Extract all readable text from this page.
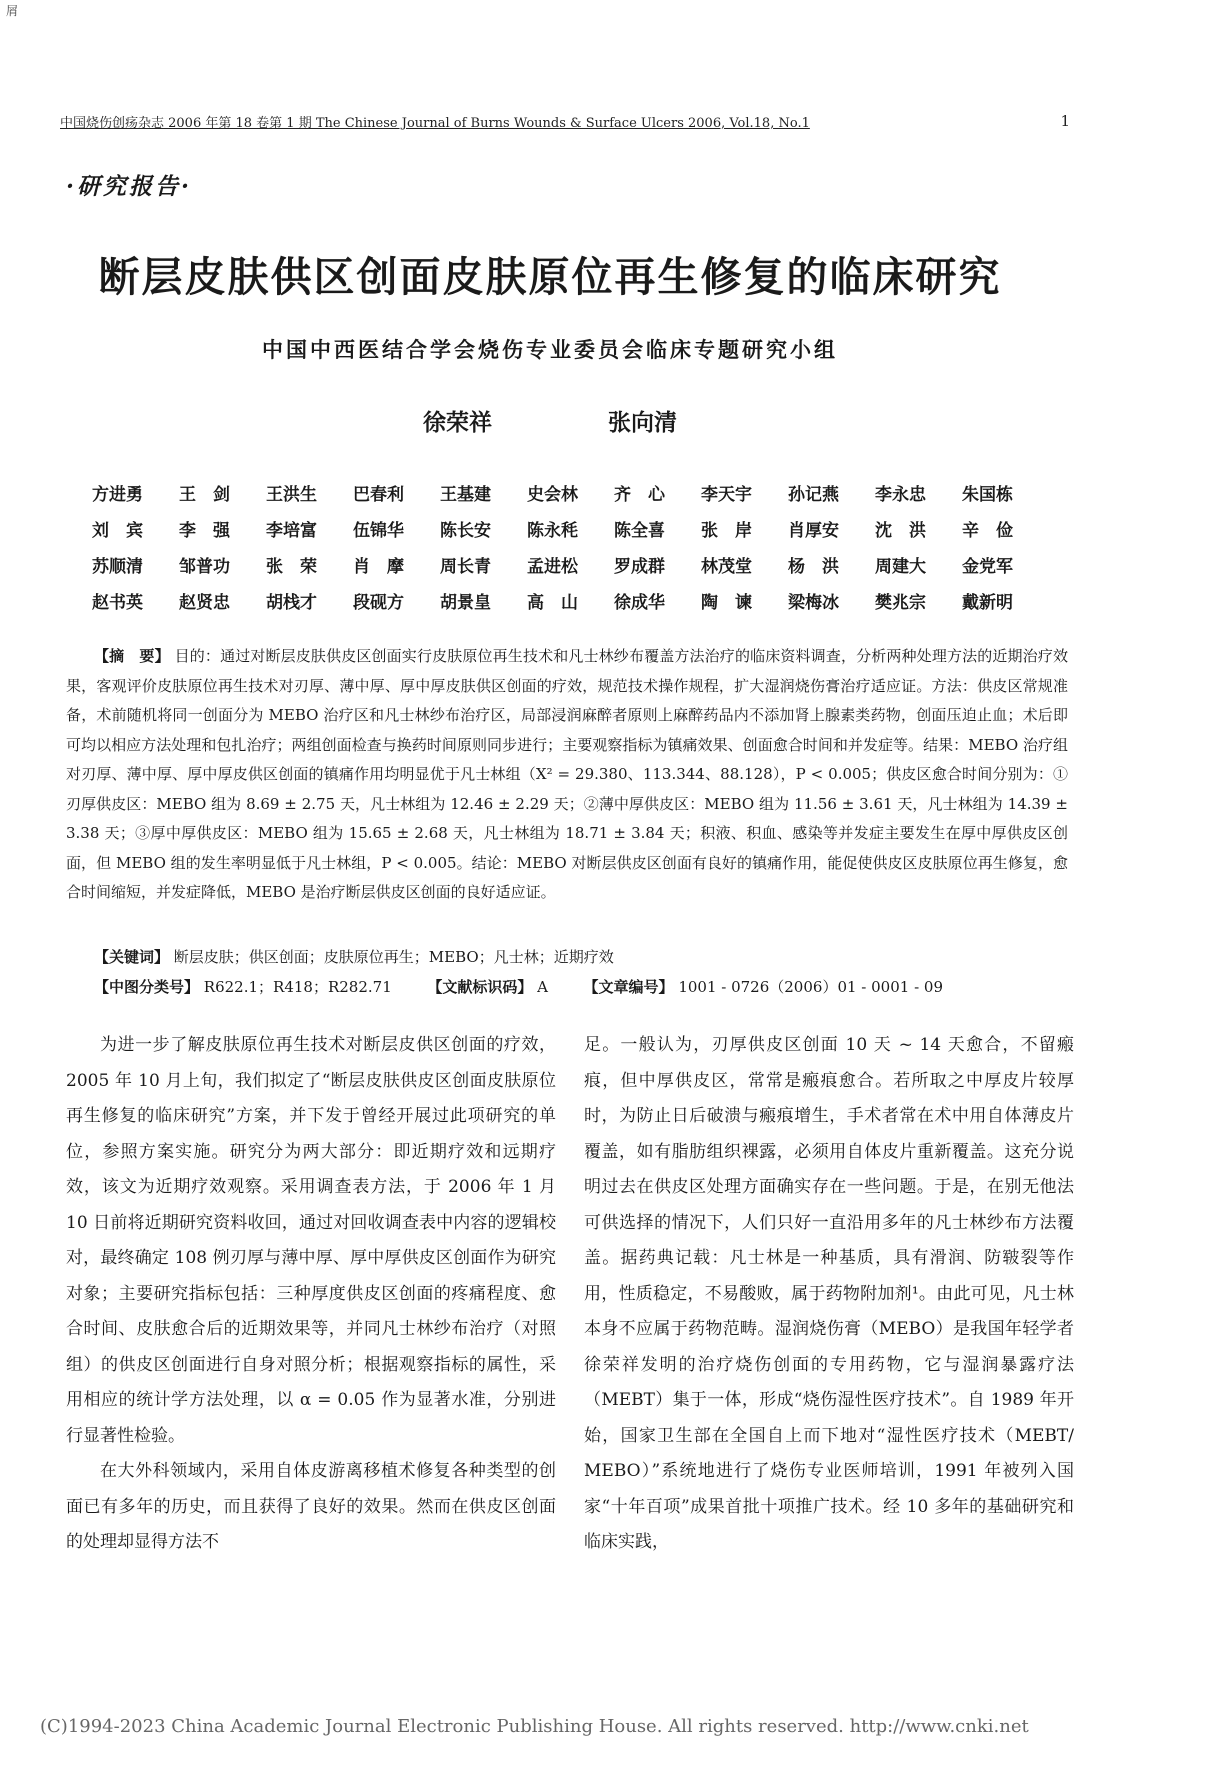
屑
中国烧伤创疡杂志 2006 年第 18 卷第 1 期 The Chinese Journal of Burns Wounds & Surface Ulcers 2006, Vol.18, No.1	1
·研究报告·
断层皮肤供区创面皮肤原位再生修复的临床研究
中国中西医结合学会烧伤专业委员会临床专题研究小组
徐荣祥	张向清
方进勇	王　剑	王洪生	巴春利	王基建	史会林	齐　心	李天宇	孙记燕	李永忠	朱国栋
刘　宾	李　强	李培富	伍锦华	陈长安	陈永秏	陈全喜	张　岸	肖厚安	沈　洪	辛　俭
苏顺清	邹普功	张　荣	肖　摩	周长青	孟进松	罗成群	林茂堂	杨　洪	周建大	金党军
赵书英	赵贤忠	胡栈才	段砚方	胡景皇	高　山	徐成华	陶　谏	梁梅冰	樊兆宗	戴新明

【摘　要】 目的：通过对断层皮肤供皮区创面实行皮肤原位再生技术和凡士林纱布覆盖方法治疗的临床资料调查，分析两种处理方法的近期治疗效果，客观评价皮肤原位再生技术对刃厚、薄中厚、厚中厚皮肤供区创面的疗效，规范技术操作规程，扩大湿润烧伤膏治疗适应证。方法：供皮区常规准备，术前随机将同一创面分为 MEBO 治疗区和凡士林纱布治疗区，局部浸润麻醉者原则上麻醉药品内不添加肾上腺素类药物，创面压迫止血；术后即可均以相应方法处理和包扎治疗；两组创面检查与换药时间原则同步进行；主要观察指标为镇痛效果、创面愈合时间和并发症等。结果：MEBO 治疗组对刃厚、薄中厚、厚中厚皮供区创面的镇痛作用均明显优于凡士林组（X² = 29.380、113.344、88.128），P < 0.005；供皮区愈合时间分别为：①刃厚供皮区：MEBO 组为 8.69 ± 2.75 天，凡士林组为 12.46 ± 2.29 天；②薄中厚供皮区：MEBO 组为 11.56 ± 3.61 天，凡士林组为 14.39 ± 3.38 天；③厚中厚供皮区：MEBO 组为 15.65 ± 2.68 天，凡士林组为 18.71 ± 3.84 天；积液、积血、感染等并发症主要发生在厚中厚供皮区创面，但 MEBO 组的发生率明显低于凡士林组，P < 0.005。结论：MEBO 对断层供皮区创面有良好的镇痛作用，能促使供皮区皮肤原位再生修复，愈合时间缩短，并发症降低，MEBO 是治疗断层供皮区创面的良好适应证。

【关键词】 断层皮肤；供区创面；皮肤原位再生；MEBO；凡士林；近期疗效
【中图分类号】 R622.1；R418；R282.71 【文献标识码】 A 【文章编号】 1001 - 0726（2006）01 - 0001 - 09

为进一步了解皮肤原位再生技术对断层皮供区创面的疗效，2005 年 10 月上旬，我们拟定了“断层皮肤供皮区创面皮肤原位再生修复的临床研究”方案，并下发于曾经开展过此项研究的单位，参照方案实施。研究分为两大部分：即近期疗效和远期疗效，该文为近期疗效观察。采用调查表方法，于 2006 年 1 月 10 日前将近期研究资料收回，通过对回收调查表中内容的逻辑校对，最终确定 108 例刃厚与薄中厚、厚中厚供皮区创面作为研究对象；主要研究指标包括：三种厚度供皮区创面的疼痛程度、愈合时间、皮肤愈合后的近期效果等，并同凡士林纱布治疗（对照组）的供皮区创面进行自身对照分析；根据观察指标的属性，采用相应的统计学方法处理，以 α = 0.05 作为显著水准，分别进行显著性检验。

在大外科领域内，采用自体皮游离移植术修复各种类型的创面已有多年的历史，而且获得了良好的效果。然而在供皮区创面的处理却显得方法不

足。一般认为，刃厚供皮区创面 10 天 ~ 14 天愈合，不留瘢痕，但中厚供皮区，常常是瘢痕愈合。若所取之中厚皮片较厚时，为防止日后破溃与瘢痕增生，手术者常在术中用自体薄皮片覆盖，如有脂肪组织裸露，必须用自体皮片重新覆盖。这充分说明过去在供皮区处理方面确实存在一些问题。于是，在别无他法可供选择的情况下，人们只好一直沿用多年的凡士林纱布方法覆盖。据药典记载：凡士林是一种基质，具有滑润、防皲裂等作用，性质稳定，不易酸败，属于药物附加剂¹。由此可见，凡士林本身不应属于药物范畴。湿润烧伤膏（MEBO）是我国年轻学者徐荣祥发明的治疗烧伤创面的专用药物，它与湿润暴露疗法（MEBT）集于一体，形成“烧伤湿性医疗技术”。自 1989 年开始，国家卫生部在全国自上而下地对“湿性医疗技术（MEBT/ MEBO）”系统地进行了烧伤专业医师培训，1991 年被列入国家“十年百项”成果首批十项推广技术。经 10 多年的基础研究和临床实践，

(C)1994-2023 China Academic Journal Electronic Publishing House. All rights reserved. http://www.cnki.net
